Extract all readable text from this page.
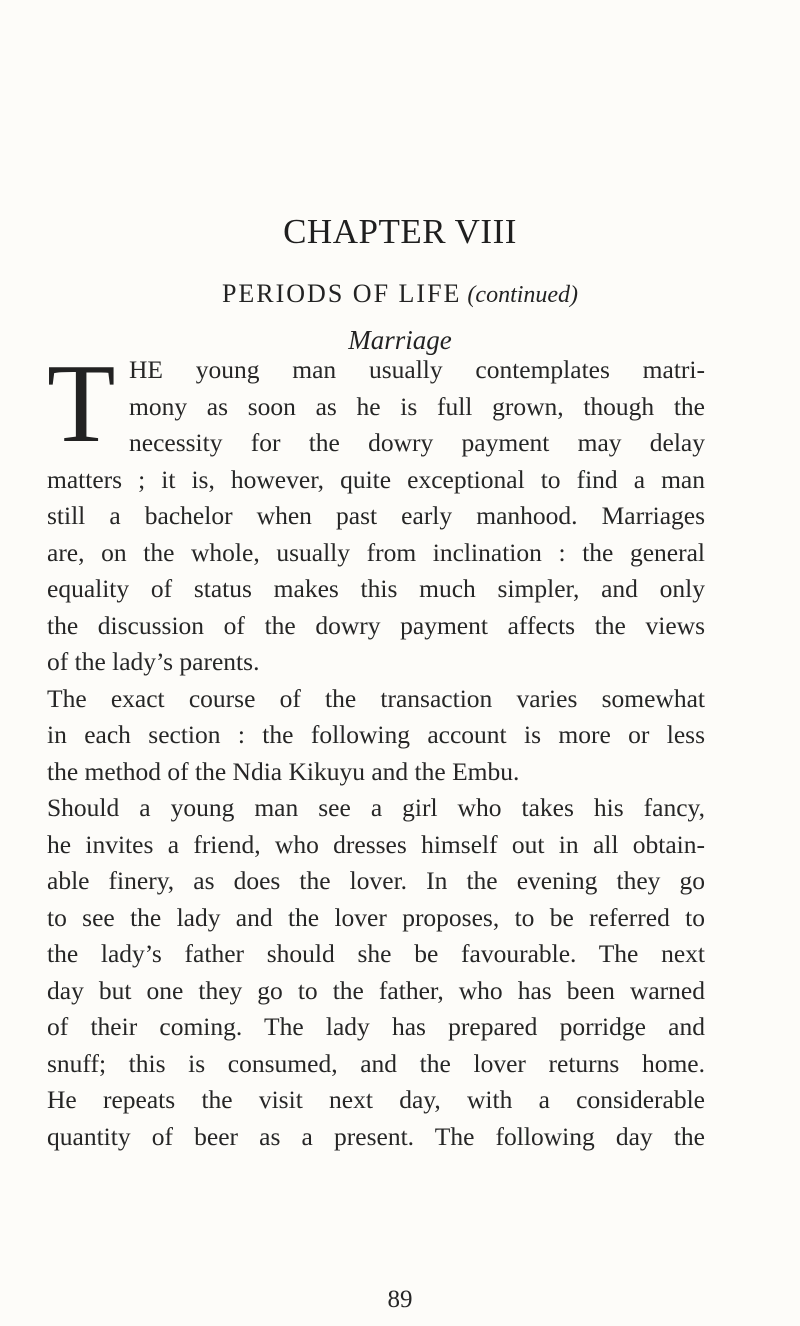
CHAPTER VIII
PERIODS OF LIFE (continued)
Marriage
T HE young man usually contemplates matri-
mony as soon as he is full grown, though the
necessity for the dowry payment may delay
matters ; it is, however, quite exceptional to find a man
still a bachelor when past early manhood. Marriages
are, on the whole, usually from inclination : the general
equality of status makes this much simpler, and only
the discussion of the dowry payment affects the views
of the lady’s parents.
The exact course of the transaction varies somewhat
in each section : the following account is more or less
the method of the Ndia Kikuyu and the Embu.
Should a young man see a girl who takes his fancy,
he invites a friend, who dresses himself out in all obtain-
able finery, as does the lover. In the evening they go
to see the lady and the lover proposes, to be referred to
the lady’s father should she be favourable. The next
day but one they go to the father, who has been warned
of their coming. The lady has prepared porridge and
snuff; this is consumed, and the lover returns home.
He repeats the visit next day, with a considerable
quantity of beer as a present. The following day the
89
